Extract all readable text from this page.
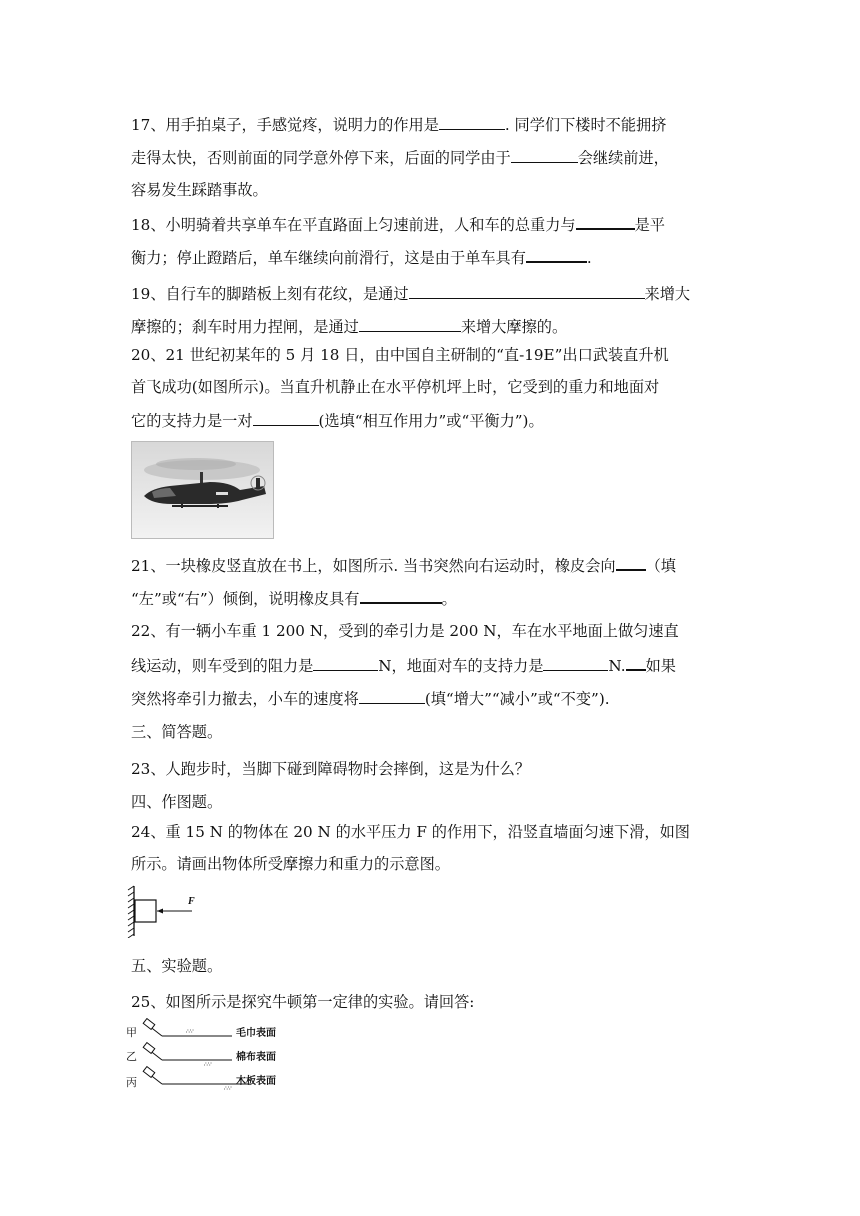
17、用手拍桌子，手感觉疼，说明力的作用是	. 同学们下楼时不能拥挤
走得太快，否则前面的同学意外停下来，后面的同学由于	会继续前进，
容易发生踩踏事故。
18、小明骑着共享单车在平直路面上匀速前进，人和车的总重力与	是平
衡力；停止蹬踏后，单车继续向前滑行，这是由于单车具有	.
19、自行车的脚踏板上刻有花纹，是通过	来增大
摩擦的；刹车时用力捏闸，是通过	来增大摩擦的。
20、21 世纪初某年的 5 月 18 日，由中国自主研制的“直-19E”出口武装直升机
首飞成功(如图所示)。当直升机静止在水平停机坪上时，它受到的重力和地面对
它的支持力是一对	(选填“相互作用力”或“平衡力”)。
21、一块橡皮竖直放在书上，如图所示. 当书突然向右运动时，橡皮会向 （填
“左”或“右”）倾倒，说明橡皮具有	。
22、有一辆小车重 1 200 N，受到的牵引力是 200 N，车在水平地面上做匀速直
线运动，则车受到的阻力是	N，地面对车的支持力是	N. 如果
突然将牵引力撤去，小车的速度将	(填“增大”“减小”或“不变”).
三、简答题。
23、人跑步时，当脚下碰到障碍物时会摔倒，这是为什么？
四、作图题。
24、重 15 N 的物体在 20 N 的水平压力 F 的作用下，沿竖直墙面匀速下滑，如图
所示。请画出物体所受摩擦力和重力的示意图。
F
五、实验题。
25、如图所示是探究牛顿第一定律的实验。请回答:
∴∵
∴∵
∴∵
甲	毛巾表面
乙	棉布表面
丙	木板表面
